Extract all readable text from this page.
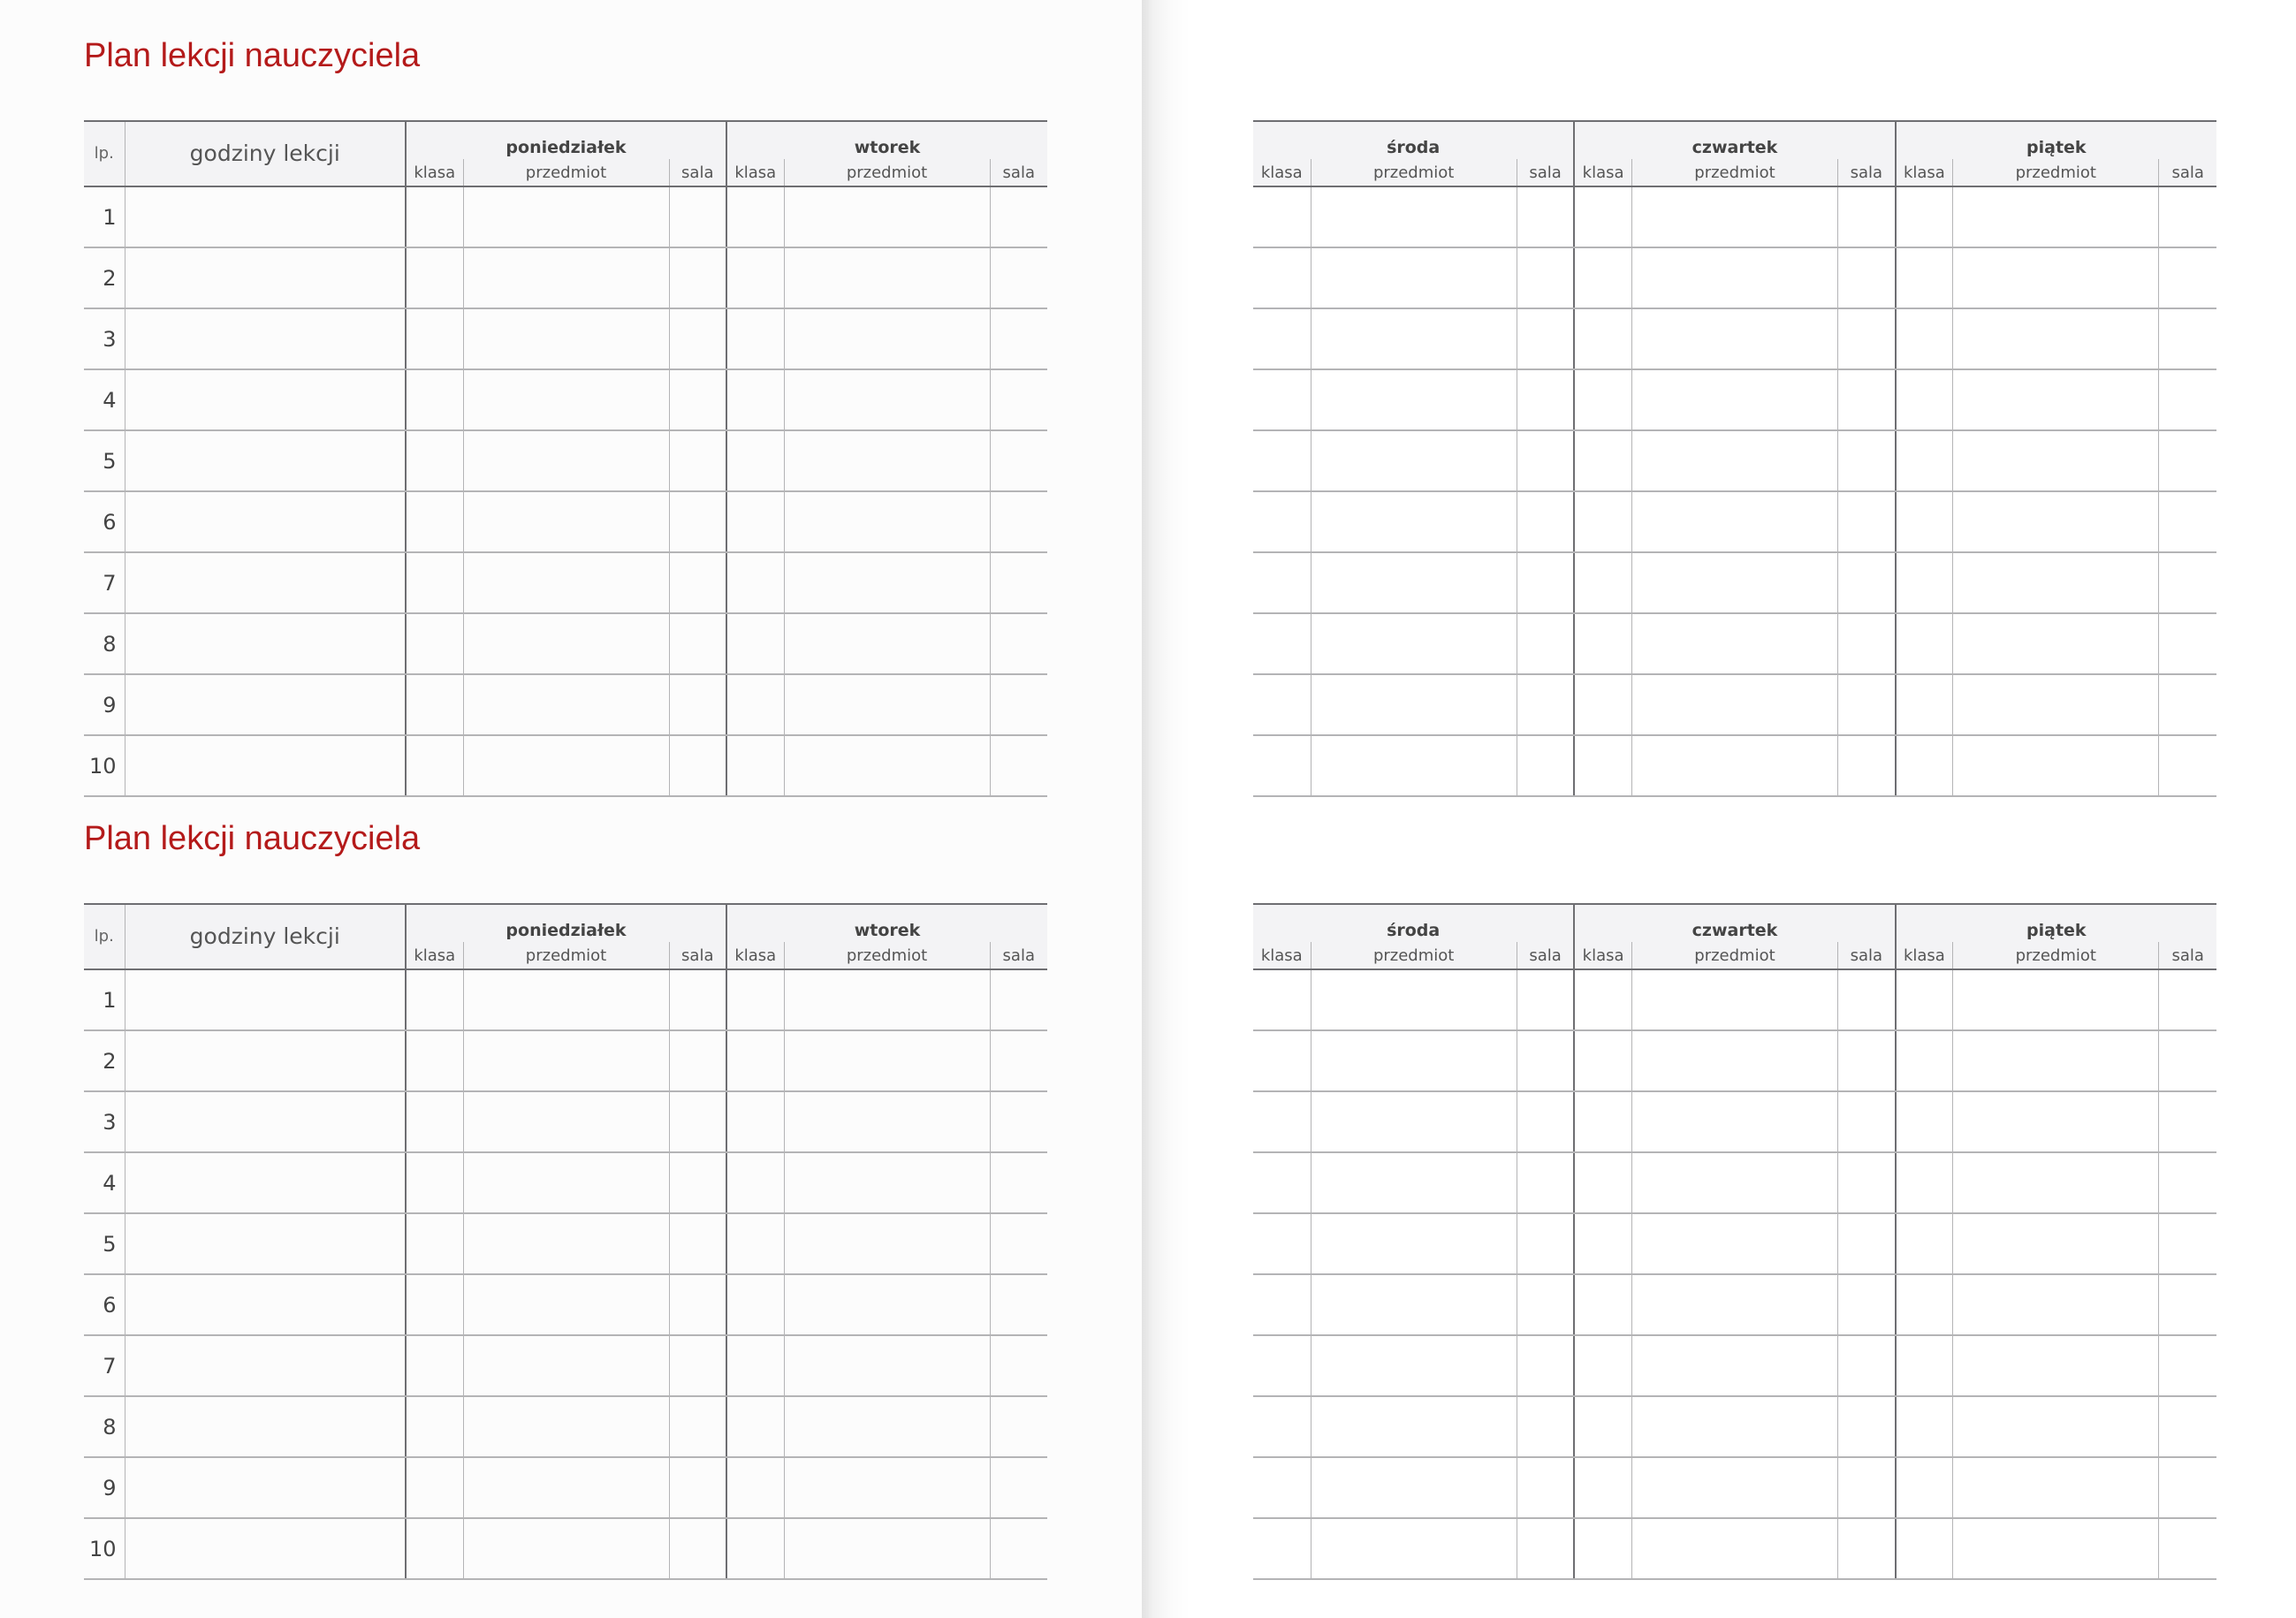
Plan lekcji nauczyciela
lp.	godziny lekcji	poniedziałek			wtorek		
		klasa	przedmiot	sala	klasa	przedmiot	sala
1							
2							
3							
4							
5							
6							
7							
8							
9							
10							
środa			czwartek			piątek		
klasa	przedmiot	sala	klasa	przedmiot	sala	klasa	przedmiot	sala

Plan lekcji nauczyciela
lp.	godziny lekcji	poniedziałek			wtorek		
		klasa	przedmiot	sala	klasa	przedmiot	sala
1							
2							
3							
4							
5							
6							
7							
8							
9							
10							
środa			czwartek			piątek		
klasa	przedmiot	sala	klasa	przedmiot	sala	klasa	przedmiot	sala
